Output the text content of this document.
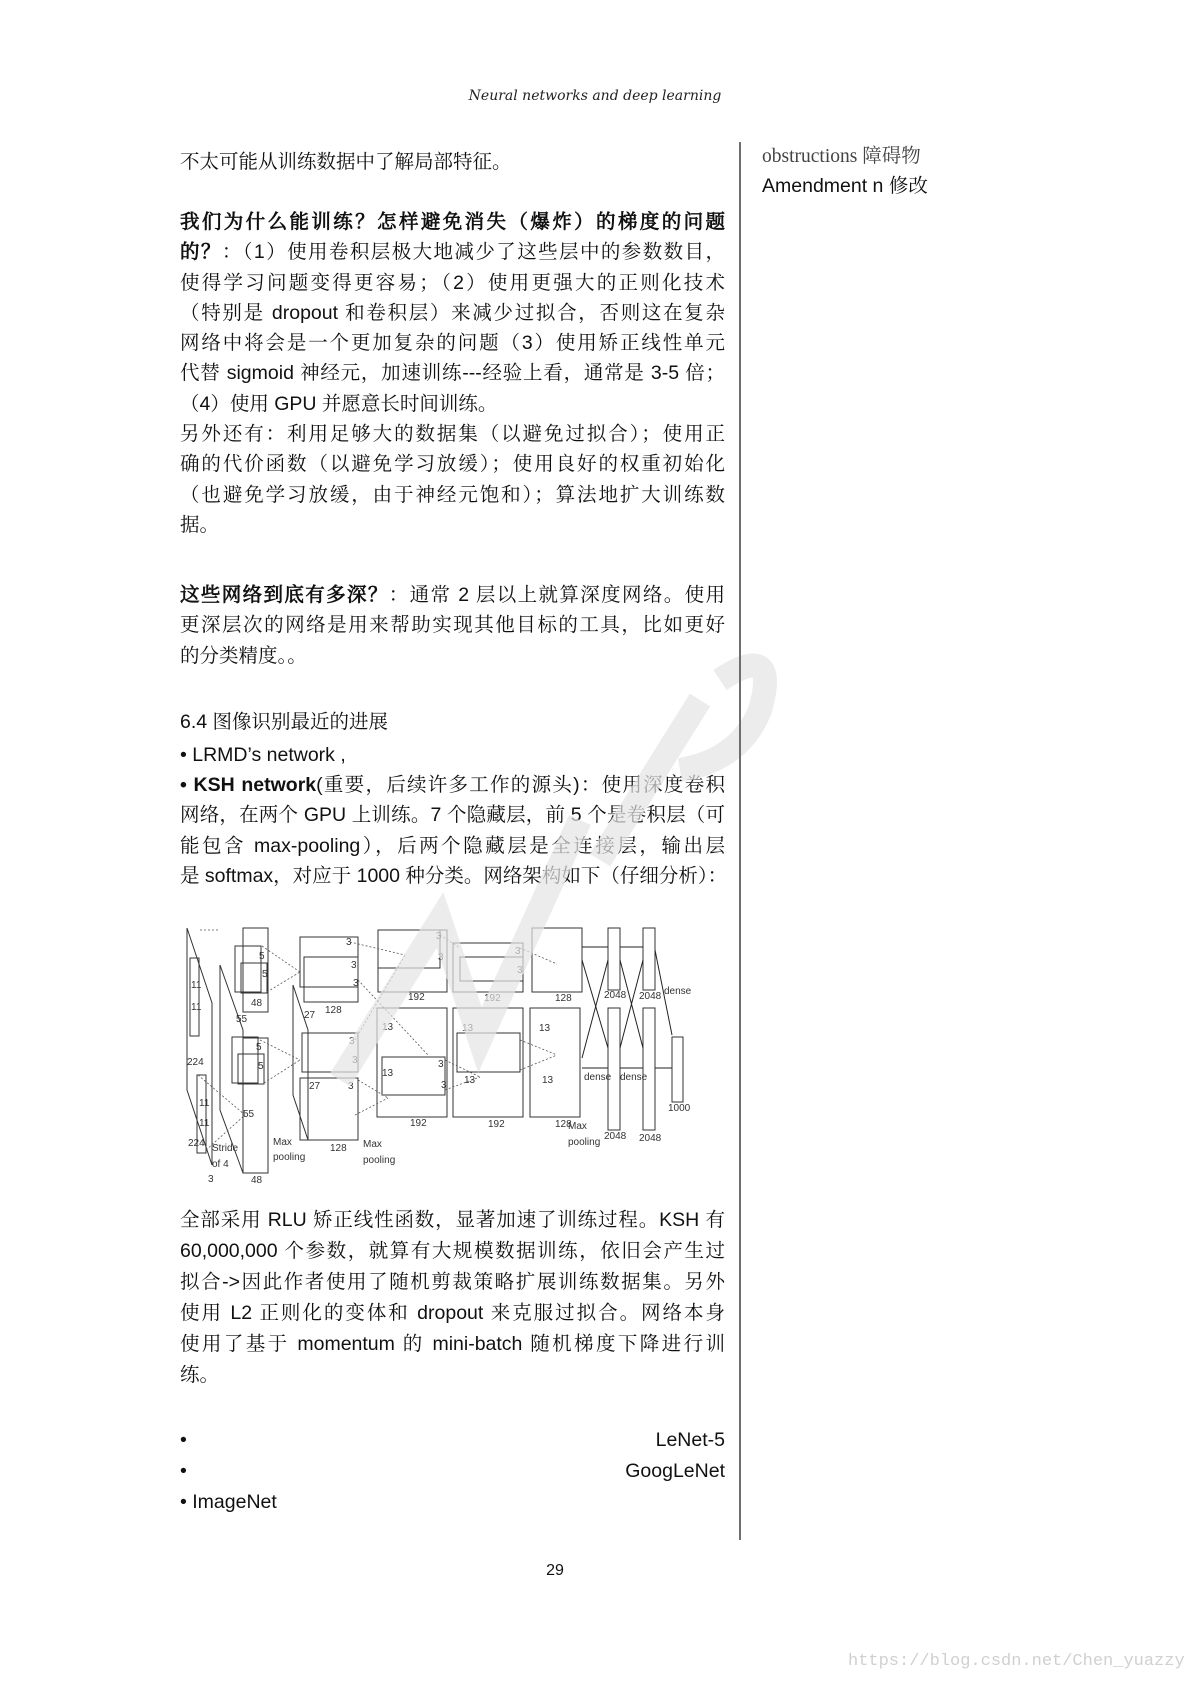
Neural networks and deep learning
不太可能从训练数据中了解局部特征。
我们为什么能训练？怎样避免消失（爆炸）的梯度的问题
的？：（1）使用卷积层极大地减少了这些层中的参数数目，
使得学习问题变得更容易；（2）使用更强大的正则化技术
（特别是 dropout 和卷积层）来减少过拟合，否则这在复杂
网络中将会是一个更加复杂的问题（3）使用矫正线性单元
代替 sigmoid 神经元，加速训练---经验上看，通常是 3-5 倍；
（4）使用 GPU 并愿意长时间训练。
另外还有：利用足够大的数据集（以避免过拟合）；使用正
确的代价函数（以避免学习放缓）；使用良好的权重初始化
（也避免学习放缓，由于神经元饱和）；算法地扩大训练数
据。
这些网络到底有多深？：通常 2 层以上就算深度网络。使用
更深层次的网络是用来帮助实现其他目标的工具，比如更好
的分类精度。。
6.4 图像识别最近的进展
• LRMD’s network ,
• KSH network(重要，后续许多工作的源头)：使用深度卷积
网络，在两个 GPU 上训练。7 个隐藏层，前 5 个是卷积层（可
能包含 max-pooling），后两个隐藏层是全连接层，输出层
是 softmax，对应于 1000 种分类。网络架构如下（仔细分析）：
11
11
224
11
11
224 Stride
of 4
3
55
55
48
48
5
5
5
5
Max
pooling
27
27
128
128
3
3
3
3
3
3
Max
pooling
13
13
192
192
3
3
3
3
13
13
192
192
3
3
13
13
128
128
Max
pooling
2048 2048
2048 2048
dense
dense dense
1000
全部采用 RLU 矫正线性函数，显著加速了训练过程。KSH 有
60,000,000 个参数，就算有大规模数据训练，依旧会产生过
拟合->因此作者使用了随机剪裁策略扩展训练数据集。另外
使用 L2 正则化的变体和 dropout 来克服过拟合。网络本身
使用了基于 momentum 的 mini-batch 随机梯度下降进行训
练。
• LeNet-5
• GoogLeNet
• ImageNet
obstructions 障碍物
Amendment n 修改
29
https://blog.csdn.net/Chen_yuazzy
